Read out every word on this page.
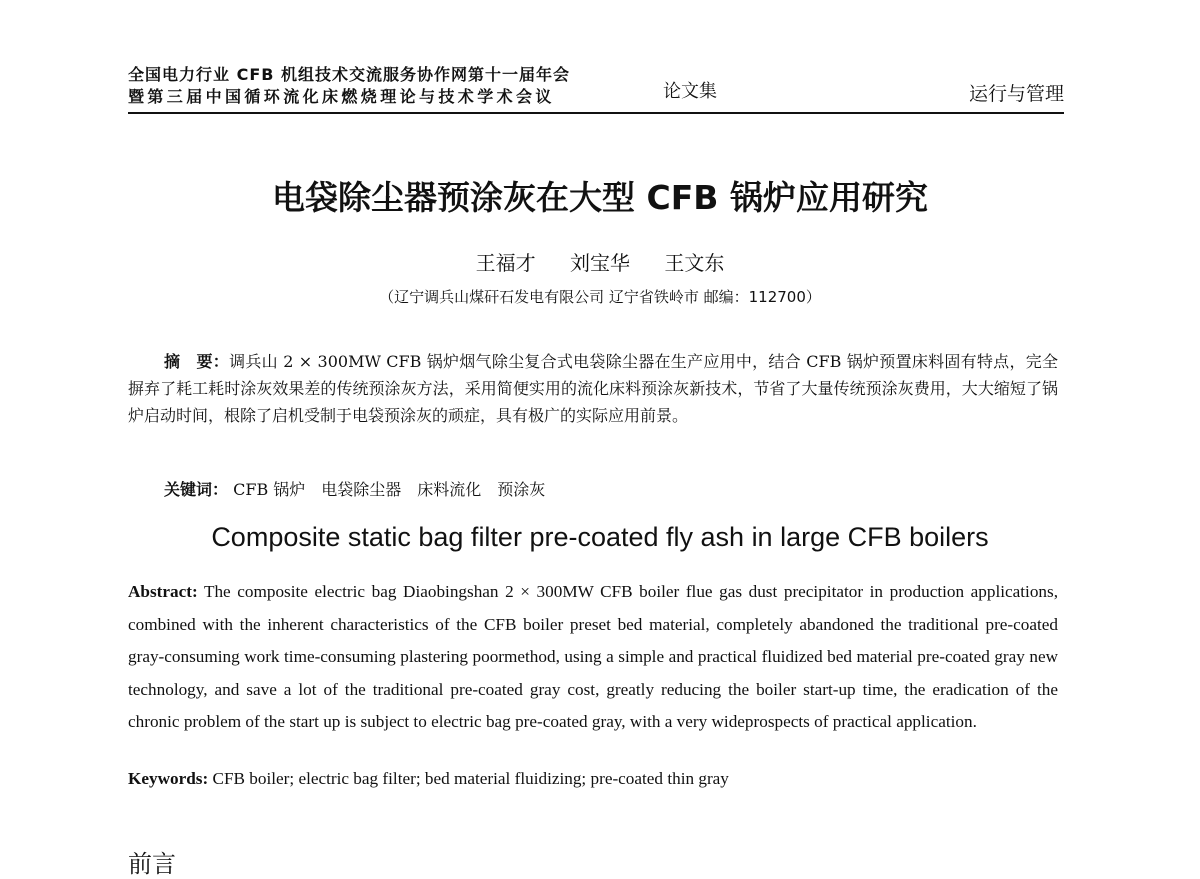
全国电力行业 CFB 机组技术交流服务协作网第十一届年会
暨第三届中国循环流化床燃烧理论与技术学术会议	论文集	运行与管理
电袋除尘器预涂灰在大型 CFB 锅炉应用研究
王福才 刘宝华 王文东
（辽宁调兵山煤矸石发电有限公司 辽宁省铁岭市 邮编：112700）
摘　要：调兵山 2 × 300MW CFB 锅炉烟气除尘复合式电袋除尘器在生产应用中，结合 CFB 锅炉预置床料固有特点，完全摒弃了耗工耗时涂灰效果差的传统预涂灰方法，采用简便实用的流化床料预涂灰新技术，节省了大量传统预涂灰费用，大大缩短了锅炉启动时间，根除了启机受制于电袋预涂灰的顽症，具有极广的实际应用前景。
关键词： CFB 锅炉　电袋除尘器　床料流化　预涂灰
Composite static bag filter pre-coated fly ash in large CFB boilers
Abstract: The composite electric bag Diaobingshan 2 × 300MW CFB boiler flue gas dust precipitator in production applications, combined with the inherent characteristics of the CFB boiler preset bed material, completely abandoned the traditional pre-coated gray-consuming work time-consuming plastering poormethod, using a simple and practical fluidized bed material pre-coated gray new technology, and save a lot of the traditional pre-coated gray cost, greatly reducing the boiler start-up time, the eradication of the chronic problem of the start up is subject to electric bag pre-coated gray, with a very wideprospects of practical application.
Keywords: CFB boiler; electric bag filter; bed material fluidizing; pre-coated thin gray
前言
